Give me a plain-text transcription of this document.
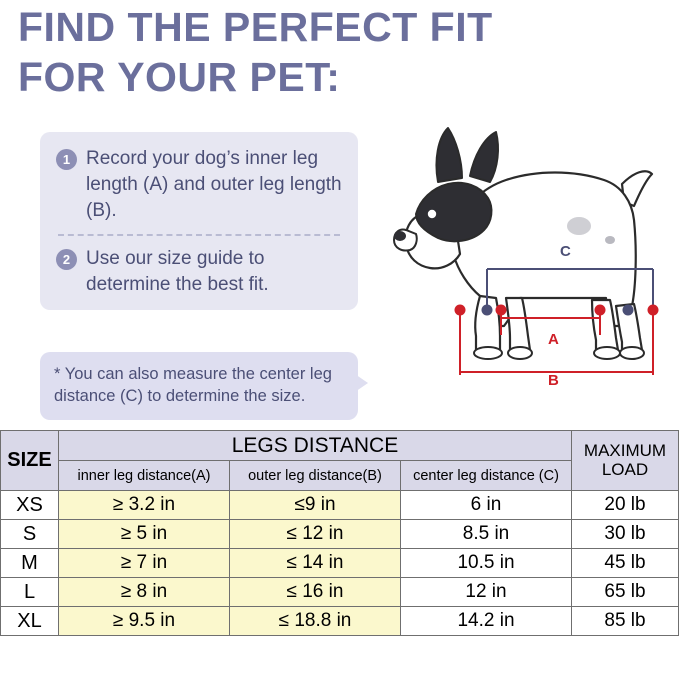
FIND THE PERFECT FIT
FOR YOUR PET:
1 Record your dog’s inner leg length (A) and outer leg length (B).
2 Use our size guide to determine the best fit.
* You can also measure the center leg distance (C) to determine the size.
A
B
C
SIZE	LEGS DISTANCE			MAXIMUM
LOAD
	inner leg distance(A)	outer leg distance(B)	center leg distance (C)	
XS	≥ 3.2 in	≤9 in	6 in	20 lb
S	≥ 5 in	≤ 12 in	8.5 in	30 lb
M	≥ 7 in	≤ 14 in	10.5 in	45 lb
L	≥ 8 in	≤ 16 in	12 in	65 lb
XL	≥ 9.5 in	≤ 18.8 in	14.2 in	85 lb
